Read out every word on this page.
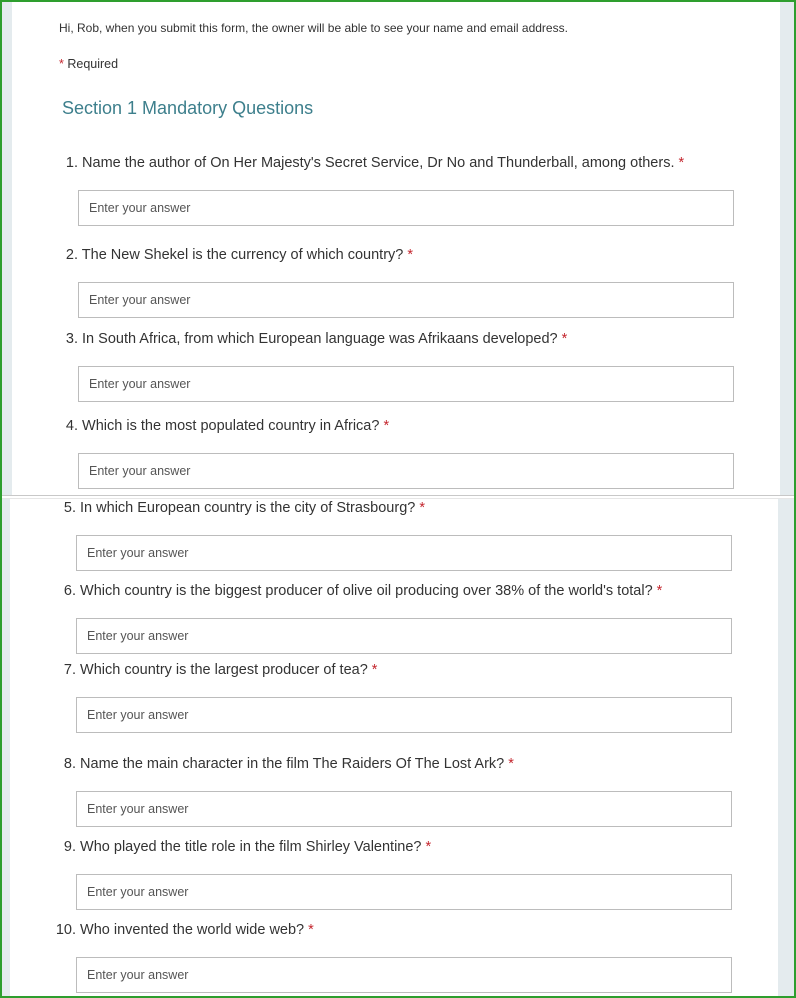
Hi, Rob, when you submit this form, the owner will be able to see your name and email address.
* Required
Section 1 Mandatory Questions
1. Name the author of On Her Majesty's Secret Service, Dr No and Thunderball, among others. *
Enter your answer
2. The New Shekel is the currency of which country? *
Enter your answer
3. In South Africa, from which European language was Afrikaans developed? *
Enter your answer
4. Which is the most populated country in Africa? *
Enter your answer
5. In which European country is the city of Strasbourg? *
Enter your answer
6. Which country is the biggest producer of olive oil producing over 38% of the world's total? *
Enter your answer
7. Which country is the largest producer of tea? *
Enter your answer
8. Name the main character in the film The Raiders Of The Lost Ark? *
Enter your answer
9. Who played the title role in the film Shirley Valentine? *
Enter your answer
10. Who invented the world wide web? *
Enter your answer
